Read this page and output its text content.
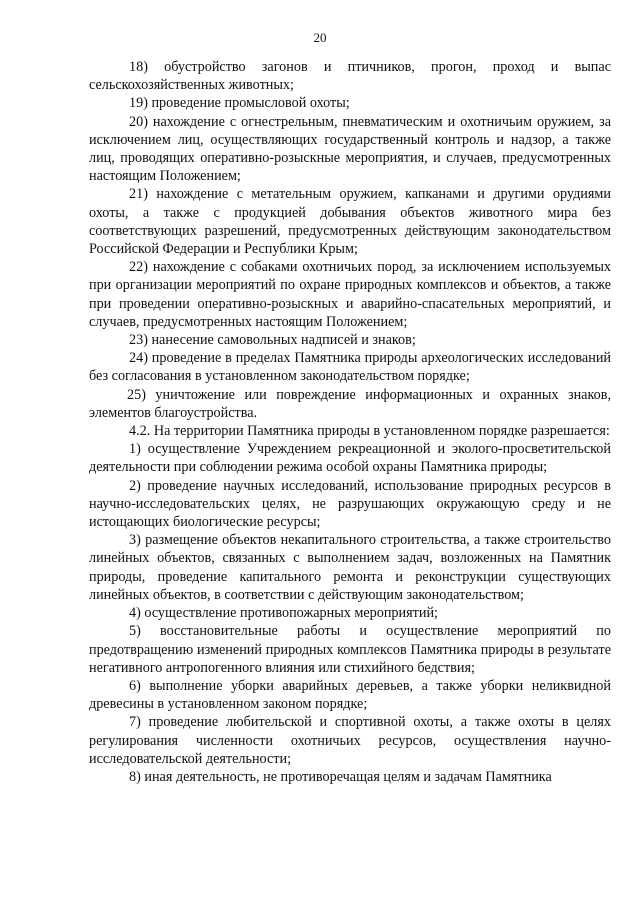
20

18) обустройство загонов и птичников, прогон, проход и выпас сельскохозяйственных животных;

19) проведение промысловой охоты;

20) нахождение с огнестрельным, пневматическим и охотничьим оружием, за исключением лиц, осуществляющих государственный контроль и надзор, а также лиц, проводящих оперативно-розыскные мероприятия, и случаев, предусмотренных настоящим Положением;

21) нахождение с метательным оружием, капканами и другими орудиями охоты, а также с продукцией добывания объектов животного мира без соответствующих разрешений, предусмотренных действующим законодательством Российской Федерации и Республики Крым;

22) нахождение с собаками охотничьих пород, за исключением используемых при организации мероприятий по охране природных комплексов и объектов, а также при проведении оперативно-розыскных и аварийно-спасательных мероприятий, и случаев, предусмотренных настоящим Положением;

23) нанесение самовольных надписей и знаков;

24) проведение в пределах Памятника природы археологических исследований без согласования в установленном законодательством порядке;

25) уничтожение или повреждение информационных и охранных знаков, элементов благоустройства.

4.2. На территории Памятника природы в установленном порядке разрешается:

1) осуществление Учреждением рекреационной и эколого-просветительской деятельности при соблюдении режима особой охраны Памятника природы;

2) проведение научных исследований, использование природных ресурсов в научно-исследовательских целях, не разрушающих окружающую среду и не истощающих биологические ресурсы;

3) размещение объектов некапитального строительства, а также строительство линейных объектов, связанных с выполнением задач, возложенных на Памятник природы, проведение капитального ремонта и реконструкции существующих линейных объектов, в соответствии с действующим законодательством;

4) осуществление противопожарных мероприятий;

5) восстановительные работы и осуществление мероприятий по предотвращению изменений природных комплексов Памятника природы в результате негативного антропогенного влияния или стихийного бедствия;

6) выполнение уборки аварийных деревьев, а также уборки неликвидной древесины в установленном законом порядке;

7) проведение любительской и спортивной охоты, а также охоты в целях регулирования численности охотничьих ресурсов, осуществления научно-исследовательской деятельности;

8) иная деятельность, не противоречащая целям и задачам Памятника
